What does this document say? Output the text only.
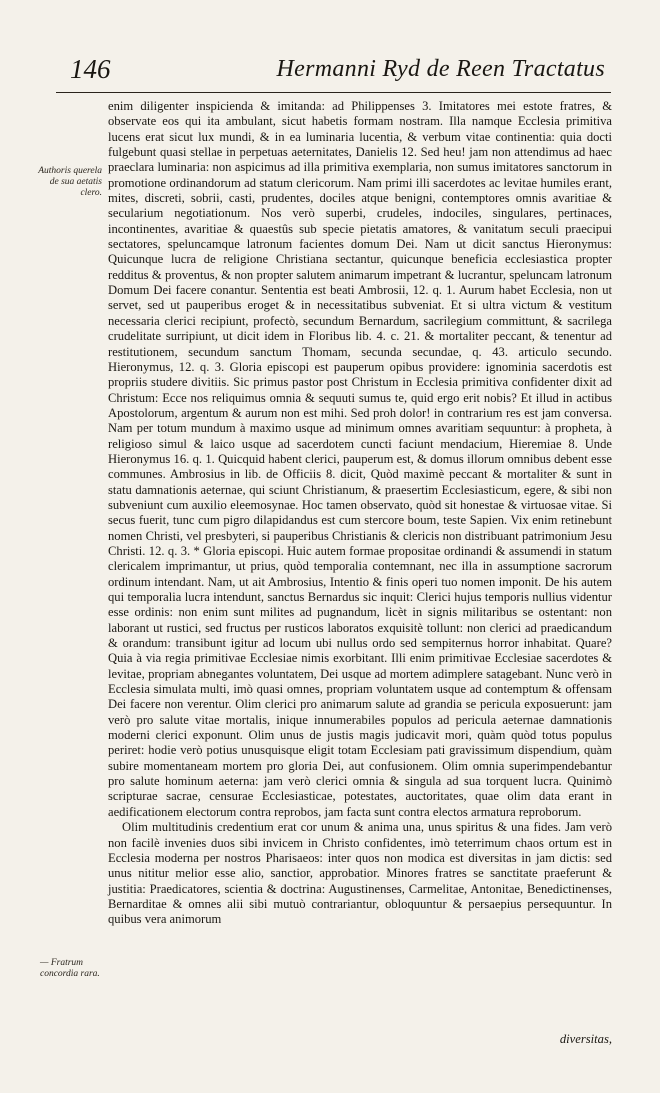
146	Hermanni Ryd de Reen Tractatus
Authoris querela de sua aetatis clero.
— Fratrum concordia rara.

enim diligenter inspicienda & imitanda: ad Philippenses 3. Imitatores mei estote fratres, & observate eos qui ita ambulant, sicut habetis formam nostram. Illa namque Ecclesia primitiva lucens erat sicut lux mundi, & in ea luminaria lucentia, & verbum vitae continentia: quia docti fulgebunt quasi stellae in perpetuas aeternitates, Danielis 12. Sed heu! jam non attendimus ad haec praeclara luminaria: non aspicimus ad illa primitiva exemplaria, non sumus imitatores sanctorum in promotione ordinandorum ad statum clericorum. Nam primi illi sacerdotes ac levitae humiles erant, mites, discreti, sobrii, casti, prudentes, dociles atque benigni, contemptores omnis avaritiae & secularium negotiationum. Nos verò superbi, crudeles, indociles, singulares, pertinaces, incontinentes, avaritiae & quaestûs sub specie pietatis amatores, & vanitatum seculi praecipui sectatores, speluncamque latronum facientes domum Dei. Nam ut dicit sanctus Hieronymus: Quicunque lucra de religione Christiana sectantur, quicunque beneficia ecclesiastica propter redditus & proventus, & non propter salutem animarum impetrant & lucrantur, speluncam latronum Domum Dei facere conantur. Sententia est beati Ambrosii, 12. q. 1. Aurum habet Ecclesia, non ut servet, sed ut pauperibus eroget & in necessitatibus subveniat. Et si ultra victum & vestitum necessaria clerici recipiunt, profectò, secundum Bernardum, sacrilegium committunt, & sacrilega crudelitate surripiunt, ut dicit idem in Floribus lib. 4. c. 21. & mortaliter peccant, & tenentur ad restitutionem, secundum sanctum Thomam, secunda secundae, q. 43. articulo secundo. Hieronymus, 12. q. 3. Gloria episcopi est pauperum opibus providere: ignominia sacerdotis est propriis studere divitiis. Sic primus pastor post Christum in Ecclesia primitiva confidenter dixit ad Christum: Ecce nos reliquimus omnia & sequuti sumus te, quid ergo erit nobis? Et illud in actibus Apostolorum, argentum & aurum non est mihi. Sed proh dolor! in contrarium res est jam conversa. Nam per totum mundum à maximo usque ad minimum omnes avaritiam sequuntur: à propheta, à religioso simul & laico usque ad sacerdotem cuncti faciunt mendacium, Hieremiae 8. Unde Hieronymus 16. q. 1. Quicquid habent clerici, pauperum est, & domus illorum omnibus debent esse communes. Ambrosius in lib. de Officiis 8. dicit, Quòd maximè peccant & mortaliter & sunt in statu damnationis aeternae, qui sciunt Christianum, & praesertim Ecclesiasticum, egere, & sibi non subveniunt cum auxilio eleemosynae. Hoc tamen observato, quòd sit honestae & virtuosae vitae. Si secus fuerit, tunc cum pigro dilapidandus est cum stercore boum, teste Sapien. Vix enim retinebunt nomen Christi, vel presbyteri, si pauperibus Christianis & clericis non distribuant patrimonium Jesu Christi. 12. q. 3. * Gloria episcopi. Huic autem formae propositae ordinandi & assumendi in statum clericalem imprimantur, ut prius, quòd temporalia contemnant, nec illa in assumptione sacrorum ordinum intendant. Nam, ut ait Ambrosius, Intentio & finis operi tuo nomen imponit. De his autem qui temporalia lucra intendunt, sanctus Bernardus sic inquit: Clerici hujus temporis nullius videntur esse ordinis: non enim sunt milites ad pugnandum, licèt in signis militaribus se ostentant: non laborant ut rustici, sed fructus per rusticos laboratos exquisitè tollunt: non clerici ad praedicandum & orandum: transibunt igitur ad locum ubi nullus ordo sed sempiternus horror inhabitat. Quare? Quia à via regia primitivae Ecclesiae nimis exorbitant. Illi enim primitivae Ecclesiae sacerdotes & levitae, propriam abnegantes voluntatem, Dei usque ad mortem adimplere satagebant. Nunc verò in Ecclesia simulata multi, imò quasi omnes, propriam voluntatem usque ad contemptum & offensam Dei facere non verentur. Olim clerici pro animarum salute ad grandia se pericula exposuerunt: jam verò pro salute vitae mortalis, inique innumerabiles populos ad pericula aeternae damnationis moderni clerici exponunt. Olim unus de justis magis judicavit mori, quàm quòd totus populus periret: hodie verò potius unusquisque eligit totam Ecclesiam pati gravissimum dispendium, quàm subire momentaneam mortem pro gloria Dei, aut confusionem. Olim omnia superimpendebantur pro salute hominum aeterna: jam verò clerici omnia & singula ad sua torquent lucra. Quinimò scripturae sacrae, censurae Ecclesiasticae, potestates, auctoritates, quae olim data erant in aedificationem electorum contra reprobos, jam facta sunt contra electos armatura reproborum.

Olim multitudinis credentium erat cor unum & anima una, unus spiritus & una fides. Jam verò non facilè invenies duos sibi invicem in Christo confidentes, imò teterrimum chaos ortum est in Ecclesia moderna per nostros Pharisaeos: inter quos non modica est diversitas in jam dictis: sed unus nititur melior esse alio, sanctior, approbatior. Minores fratres se sanctitate praeferunt & justitia: Praedicatores, scientia & doctrina: Augustinenses, Carmelitae, Antonitae, Benedictinenses, Bernarditae & omnes alii sibi mutuò contrariantur, obloquuntur & persaepius persequuntur. In quibus vera animorum

diversitas,
